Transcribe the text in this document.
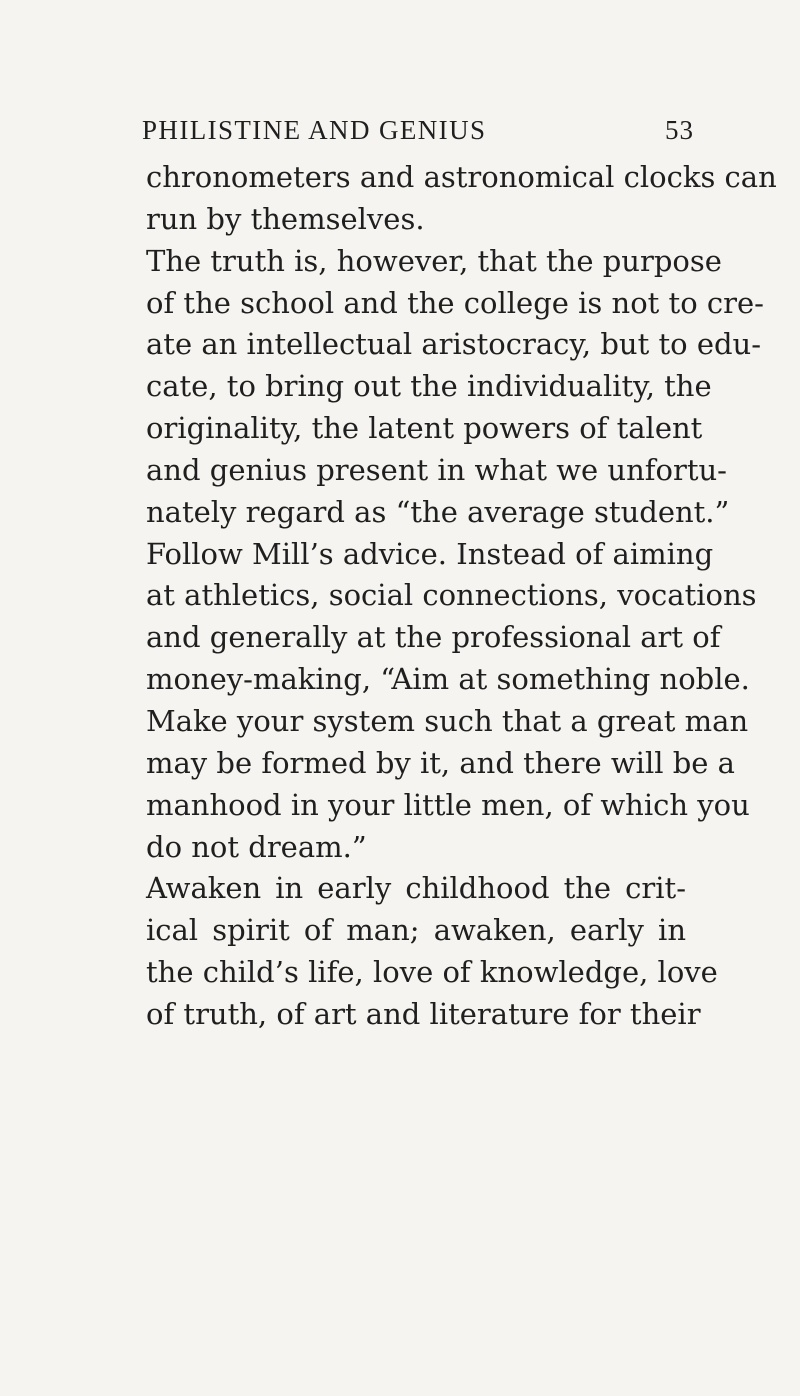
PHILISTINE AND GENIUS	53
chronometers and astronomical clocks can
run by themselves.
The truth is, however, that the purpose
of the school and the college is not to cre-
ate an intellectual aristocracy, but to edu-
cate, to bring out the individuality, the
originality, the latent powers of talent
and genius present in what we unfortu-
nately regard as “the average student.”
Follow Mill’s advice. Instead of aiming
at athletics, social connections, vocations
and generally at the professional art of
money-making, “Aim at something noble.
Make your system such that a great man
may be formed by it, and there will be a
manhood in your little men, of which you
do not dream.”
Awaken in early childhood the crit-
ical spirit of man; awaken, early in
the child’s life, love of knowledge, love
of truth, of art and literature for their
